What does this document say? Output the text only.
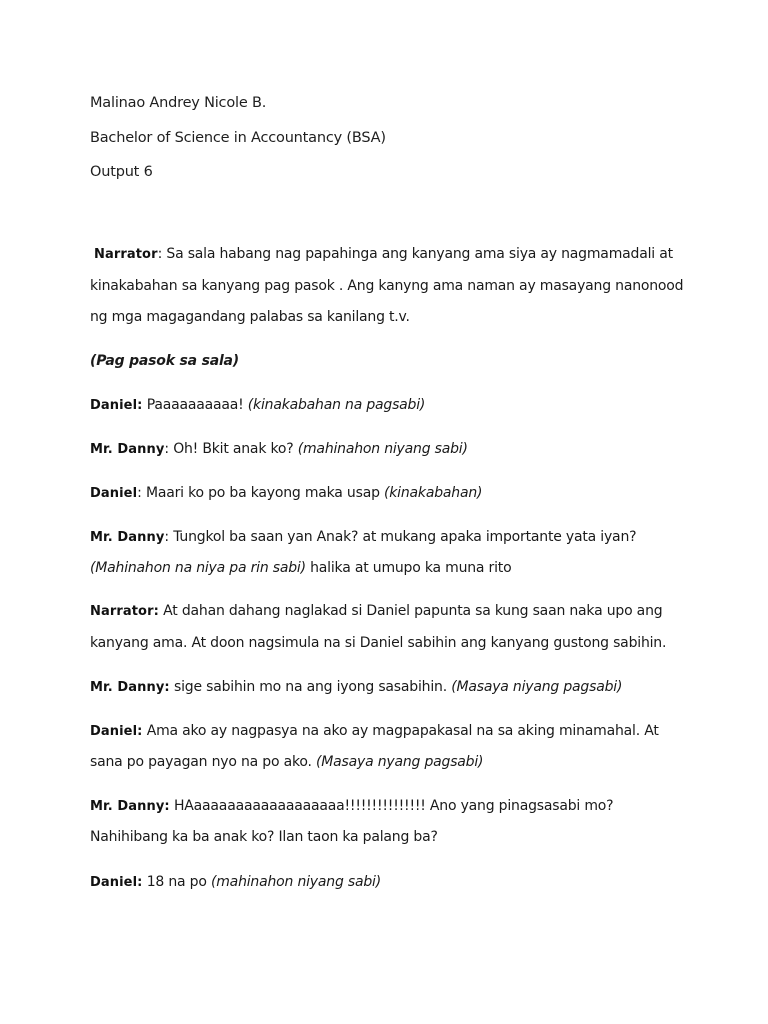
Malinao Andrey Nicole B.
Bachelor of Science in Accountancy (BSA)
Output 6
Narrator: Sa sala habang nag papahinga ang kanyang ama siya ay nagmamadali at
kinakabahan sa kanyang pag pasok . Ang kanyng ama naman ay masayang nanonood
ng mga magagandang palabas sa kanilang t.v.
(Pag pasok sa sala)
Daniel: Paaaaaaaaaa! (kinakabahan na pagsabi)
Mr. Danny: Oh! Bkit anak ko? (mahinahon niyang sabi)
Daniel: Maari ko po ba kayong maka usap (kinakabahan)
Mr. Danny: Tungkol ba saan yan Anak? at mukang apaka importante yata iyan?
(Mahinahon na niya pa rin sabi) halika at umupo ka muna rito
Narrator: At dahan dahang naglakad si Daniel papunta sa kung saan naka upo ang
kanyang ama. At doon nagsimula na si Daniel sabihin ang kanyang gustong sabihin.
Mr. Danny: sige sabihin mo na ang iyong sasabihin. (Masaya niyang pagsabi)
Daniel: Ama ako ay nagpasya na ako ay magpapakasal na sa aking minamahal. At
sana po payagan nyo na po ako. (Masaya nyang pagsabi)
Mr. Danny: HAaaaaaaaaaaaaaaaaaa!!!!!!!!!!!!!!! Ano yang pinagsasabi mo?
Nahihibang ka ba anak ko? Ilan taon ka palang ba?
Daniel: 18 na po (mahinahon niyang sabi)
